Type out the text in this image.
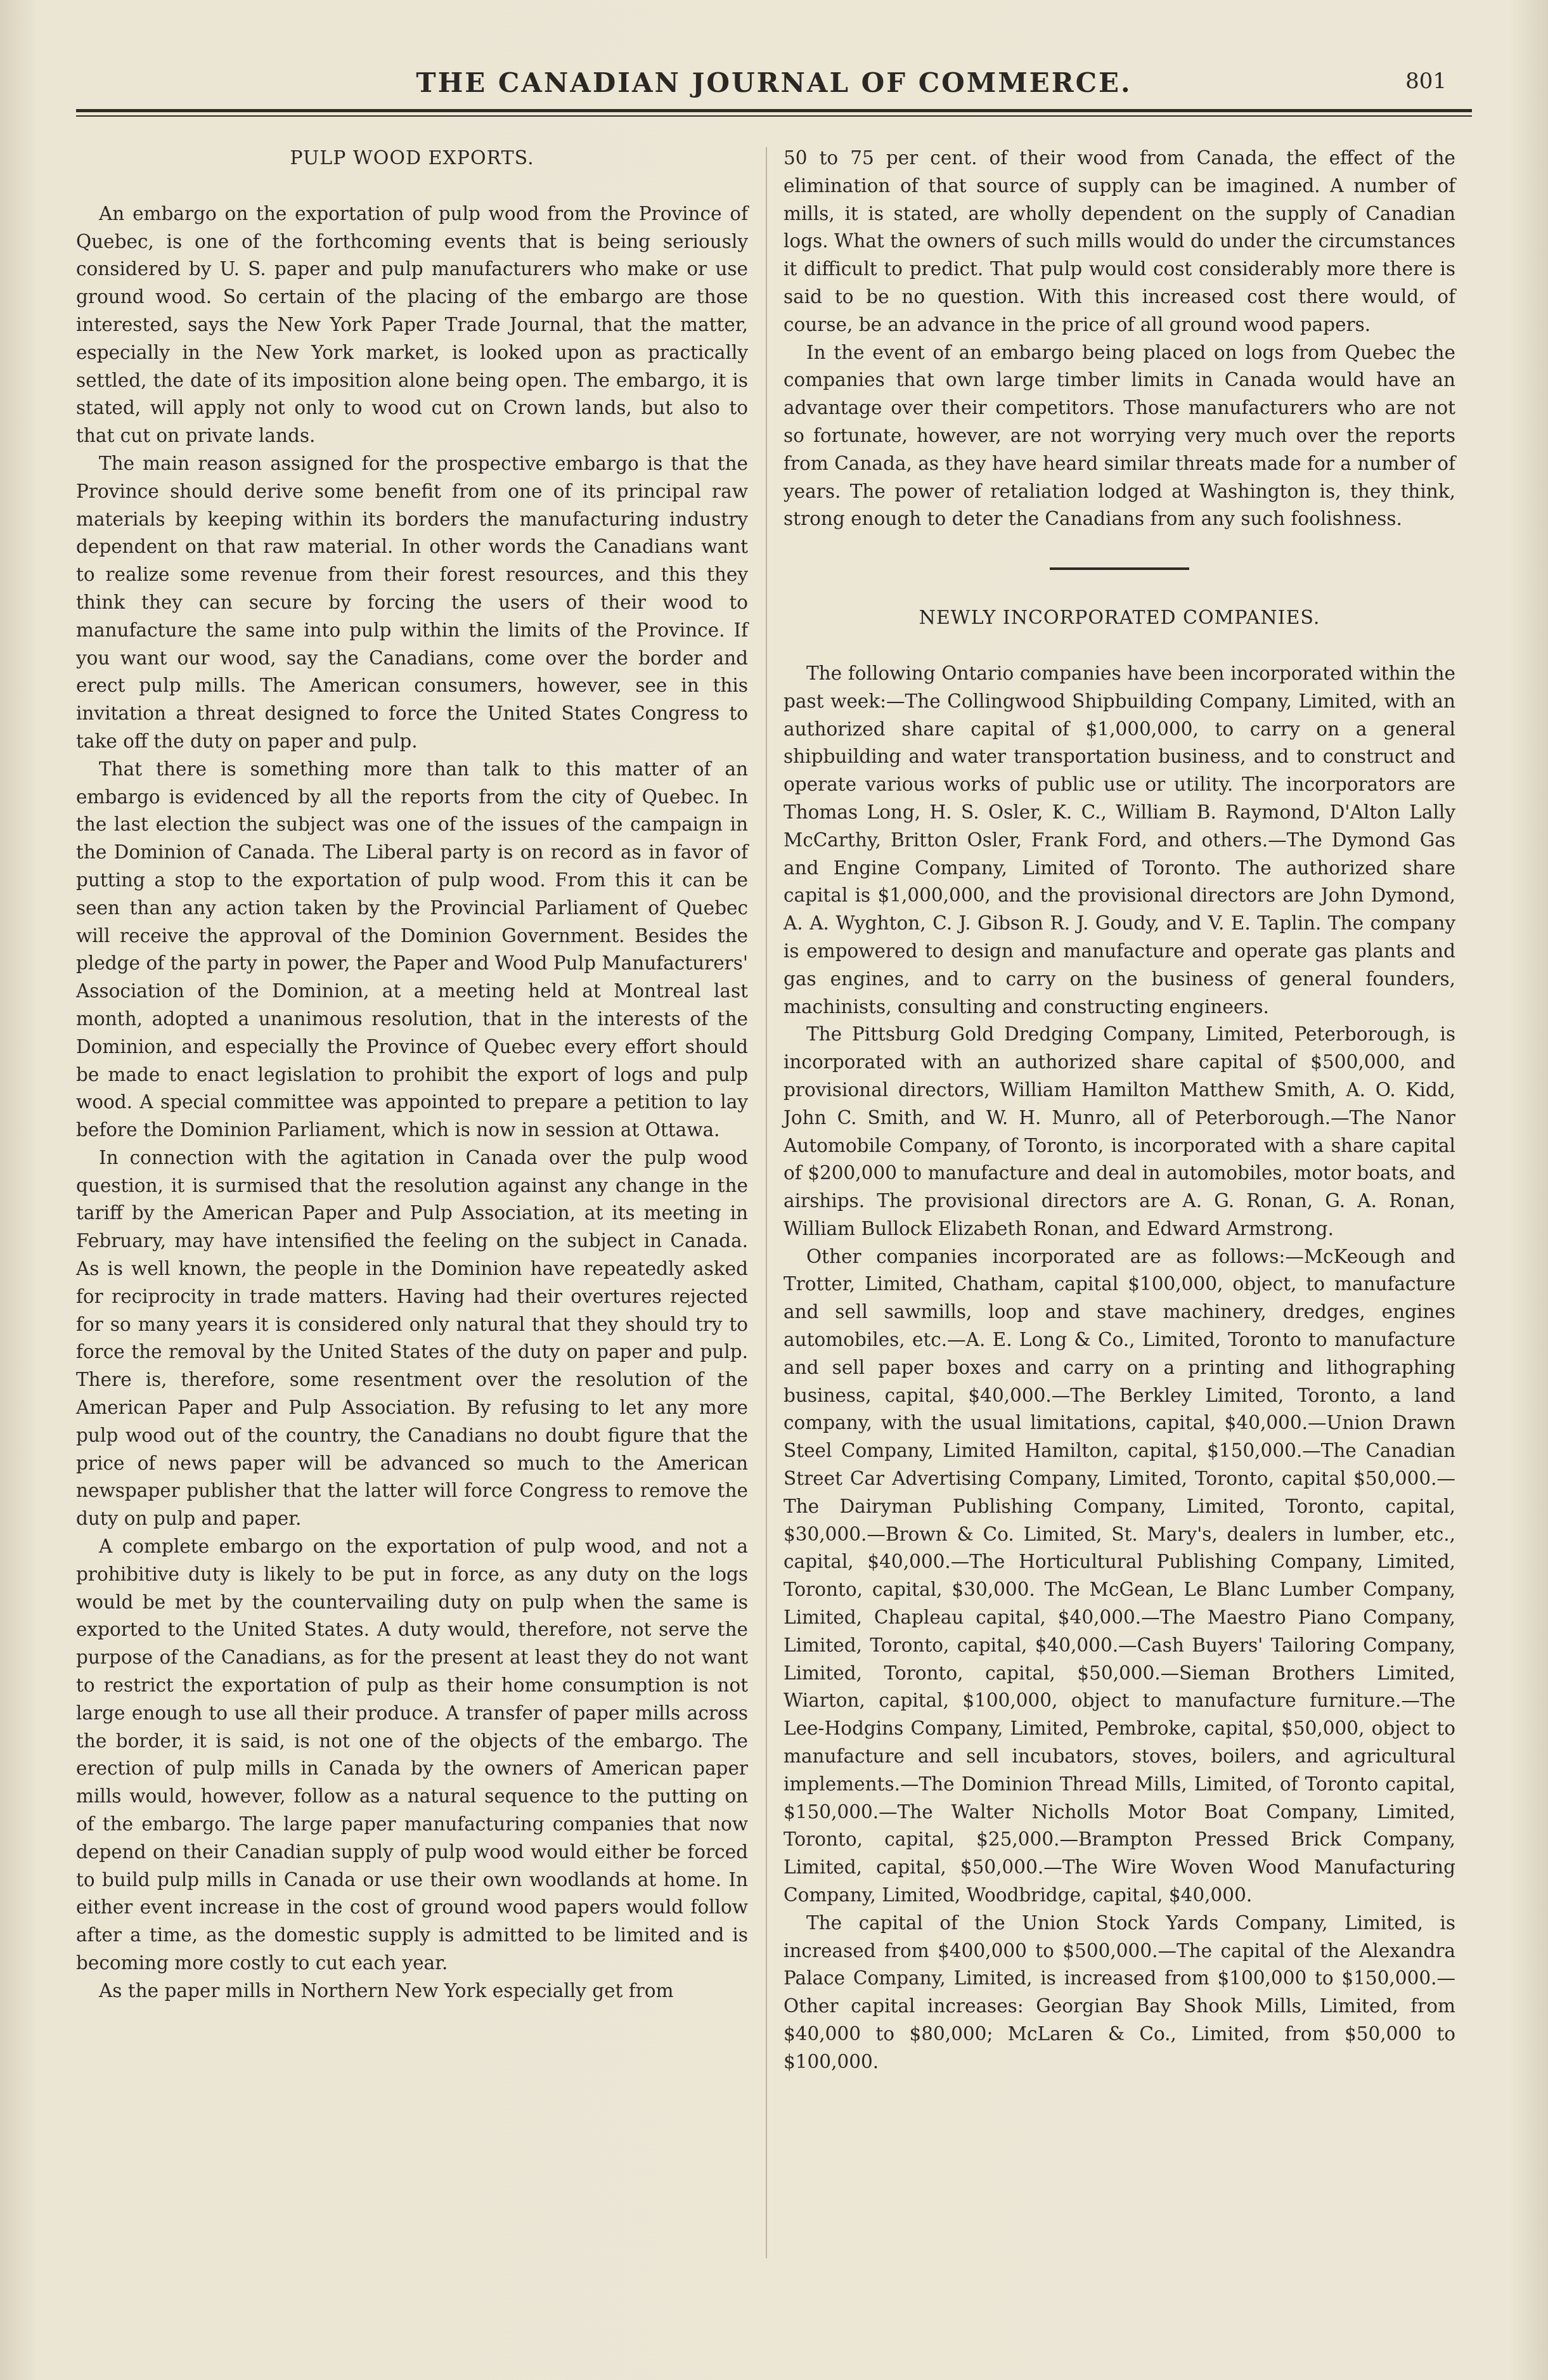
THE CANADIAN JOURNAL OF COMMERCE.	801
PULP WOOD EXPORTS.

An embargo on the exportation of pulp wood from the Province of Quebec, is one of the forthcoming events that is being seriously considered by U. S. paper and pulp manufacturers who make or use ground wood. So certain of the placing of the embargo are those interested, says the New York Paper Trade Journal, that the matter, especially in the New York market, is looked upon as practically settled, the date of its imposition alone being open. The embargo, it is stated, will apply not only to wood cut on Crown lands, but also to that cut on private lands.

The main reason assigned for the prospective embargo is that the Province should derive some benefit from one of its principal raw materials by keeping within its borders the manufacturing industry dependent on that raw material. In other words the Canadians want to realize some revenue from their forest resources, and this they think they can secure by forcing the users of their wood to manufacture the same into pulp within the limits of the Province. If you want our wood, say the Canadians, come over the border and erect pulp mills. The American consumers, however, see in this invitation a threat designed to force the United States Congress to take off the duty on paper and pulp.

That there is something more than talk to this matter of an embargo is evidenced by all the reports from the city of Quebec. In the last election the subject was one of the issues of the campaign in the Dominion of Canada. The Liberal party is on record as in favor of putting a stop to the exportation of pulp wood. From this it can be seen than any action taken by the Provincial Parliament of Quebec will receive the approval of the Dominion Government. Besides the pledge of the party in power, the Paper and Wood Pulp Manufacturers' Association of the Dominion, at a meeting held at Montreal last month, adopted a unanimous resolution, that in the interests of the Dominion, and especially the Province of Quebec every effort should be made to enact legislation to prohibit the export of logs and pulp wood. A special committee was appointed to prepare a petition to lay before the Dominion Parliament, which is now in session at Ottawa.

In connection with the agitation in Canada over the pulp wood question, it is surmised that the resolution against any change in the tariff by the American Paper and Pulp Association, at its meeting in February, may have intensified the feeling on the subject in Canada. As is well known, the people in the Dominion have repeatedly asked for reciprocity in trade matters. Having had their overtures rejected for so many years it is considered only natural that they should try to force the removal by the United States of the duty on paper and pulp. There is, therefore, some resentment over the resolution of the American Paper and Pulp Association. By refusing to let any more pulp wood out of the country, the Canadians no doubt figure that the price of news paper will be advanced so much to the American newspaper publisher that the latter will force Congress to remove the duty on pulp and paper.

A complete embargo on the exportation of pulp wood, and not a prohibitive duty is likely to be put in force, as any duty on the logs would be met by the countervailing duty on pulp when the same is exported to the United States. A duty would, therefore, not serve the purpose of the Canadians, as for the present at least they do not want to restrict the exportation of pulp as their home consumption is not large enough to use all their produce. A transfer of paper mills across the border, it is said, is not one of the objects of the embargo. The erection of pulp mills in Canada by the owners of American paper mills would, however, follow as a natural sequence to the putting on of the embargo. The large paper manufacturing companies that now depend on their Canadian supply of pulp wood would either be forced to build pulp mills in Canada or use their own woodlands at home. In either event increase in the cost of ground wood papers would follow after a time, as the domestic supply is admitted to be limited and is becoming more costly to cut each year.

As the paper mills in Northern New York especially get from

50 to 75 per cent. of their wood from Canada, the effect of the elimination of that source of supply can be imagined. A number of mills, it is stated, are wholly dependent on the supply of Canadian logs. What the owners of such mills would do under the circumstances it difficult to predict. That pulp would cost considerably more there is said to be no question. With this increased cost there would, of course, be an advance in the price of all ground wood papers.

In the event of an embargo being placed on logs from Quebec the companies that own large timber limits in Canada would have an advantage over their competitors. Those manufacturers who are not so fortunate, however, are not worrying very much over the reports from Canada, as they have heard similar threats made for a number of years. The power of retaliation lodged at Washington is, they think, strong enough to deter the Canadians from any such foolishness.

NEWLY INCORPORATED COMPANIES.

The following Ontario companies have been incorporated within the past week:—The Collingwood Shipbuilding Company, Limited, with an authorized share capital of $1,000,000, to carry on a general shipbuilding and water transportation business, and to construct and operate various works of public use or utility. The incorporators are Thomas Long, H. S. Osler, K. C., William B. Raymond, D'Alton Lally McCarthy, Britton Osler, Frank Ford, and others.—The Dymond Gas and Engine Company, Limited of Toronto. The authorized share capital is $1,000,000, and the provisional directors are John Dymond, A. A. Wyghton, C. J. Gibson R. J. Goudy, and V. E. Taplin. The company is empowered to design and manufacture and operate gas plants and gas engines, and to carry on the business of general founders, machinists, consulting and constructing engineers.

The Pittsburg Gold Dredging Company, Limited, Peterborough, is incorporated with an authorized share capital of $500,000, and provisional directors, William Hamilton Matthew Smith, A. O. Kidd, John C. Smith, and W. H. Munro, all of Peterborough.—The Nanor Automobile Company, of Toronto, is incorporated with a share capital of $200,000 to manufacture and deal in automobiles, motor boats, and airships. The provisional directors are A. G. Ronan, G. A. Ronan, William Bullock Elizabeth Ronan, and Edward Armstrong.

Other companies incorporated are as follows:—McKeough and Trotter, Limited, Chatham, capital $100,000, object, to manufacture and sell sawmills, loop and stave machinery, dredges, engines automobiles, etc.—A. E. Long & Co., Limited, Toronto to manufacture and sell paper boxes and carry on a printing and lithographing business, capital, $40,000.—The Berkley Limited, Toronto, a land company, with the usual limitations, capital, $40,000.—Union Drawn Steel Company, Limited Hamilton, capital, $150,000.—The Canadian Street Car Advertising Company, Limited, Toronto, capital $50,000.—The Dairyman Publishing Company, Limited, Toronto, capital, $30,000.—Brown & Co. Limited, St. Mary's, dealers in lumber, etc., capital, $40,000.—The Horticultural Publishing Company, Limited, Toronto, capital, $30,000. The McGean, Le Blanc Lumber Company, Limited, Chapleau capital, $40,000.—The Maestro Piano Company, Limited, Toronto, capital, $40,000.—Cash Buyers' Tailoring Company, Limited, Toronto, capital, $50,000.—Sieman Brothers Limited, Wiarton, capital, $100,000, object to manufacture furniture.—The Lee-Hodgins Company, Limited, Pembroke, capital, $50,000, object to manufacture and sell incubators, stoves, boilers, and agricultural implements.—The Dominion Thread Mills, Limited, of Toronto capital, $150,000.—The Walter Nicholls Motor Boat Company, Limited, Toronto, capital, $25,000.—Brampton Pressed Brick Company, Limited, capital, $50,000.—The Wire Woven Wood Manufacturing Company, Limited, Woodbridge, capital, $40,000.

The capital of the Union Stock Yards Company, Limited, is increased from $400,000 to $500,000.—The capital of the Alexandra Palace Company, Limited, is increased from $100,000 to $150,000.—Other capital increases: Georgian Bay Shook Mills, Limited, from $40,000 to $80,000; McLaren & Co., Limited, from $50,000 to $100,000.
